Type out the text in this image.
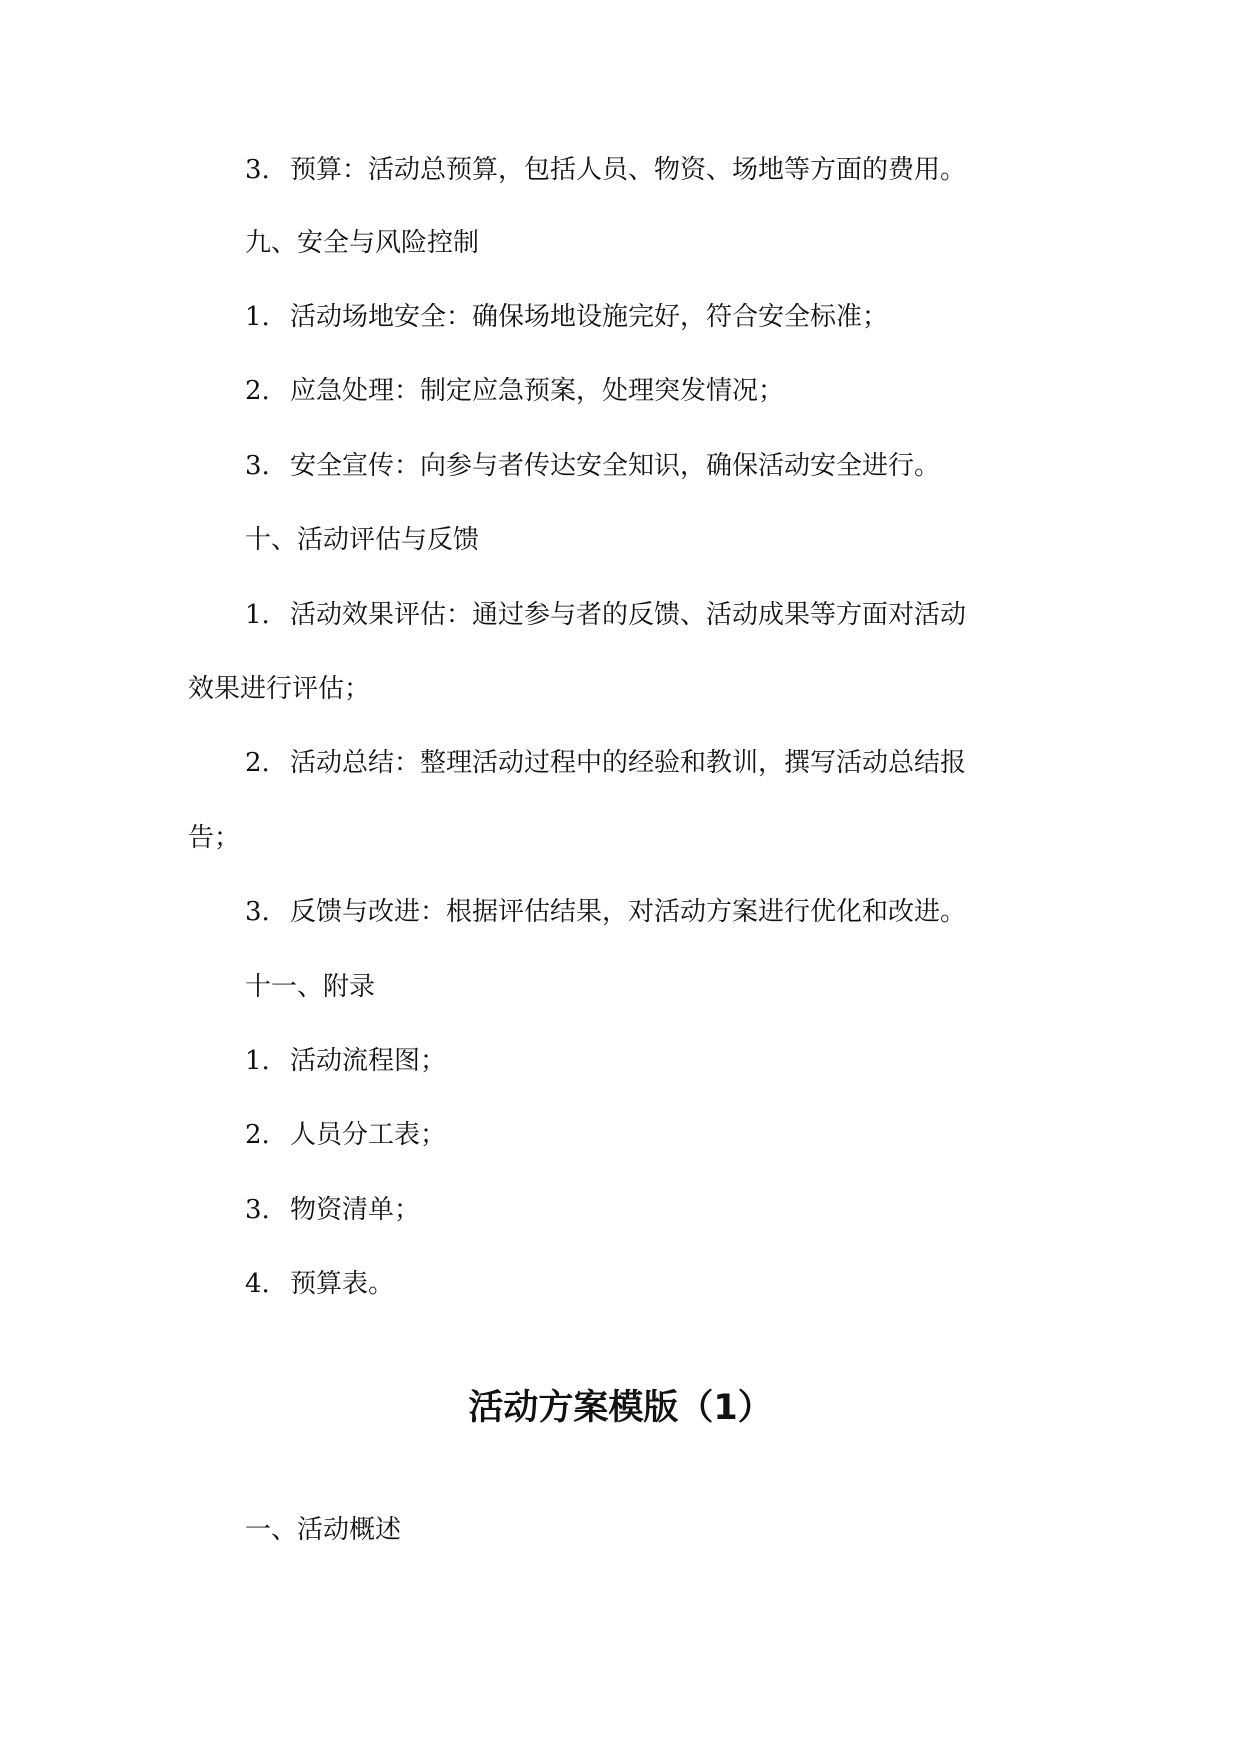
3. 预算：活动总预算，包括人员、物资、场地等方面的费用。
九、安全与风险控制
1. 活动场地安全：确保场地设施完好，符合安全标准；
2. 应急处理：制定应急预案，处理突发情况；
3. 安全宣传：向参与者传达安全知识，确保活动安全进行。
十、活动评估与反馈
1. 活动效果评估：通过参与者的反馈、活动成果等方面对活动
效果进行评估；
2. 活动总结：整理活动过程中的经验和教训，撰写活动总结报
告；
3. 反馈与改进：根据评估结果，对活动方案进行优化和改进。
十一、附录
1. 活动流程图；
2. 人员分工表；
3. 物资清单；
4. 预算表。
活动方案模版（1）
一、活动概述
